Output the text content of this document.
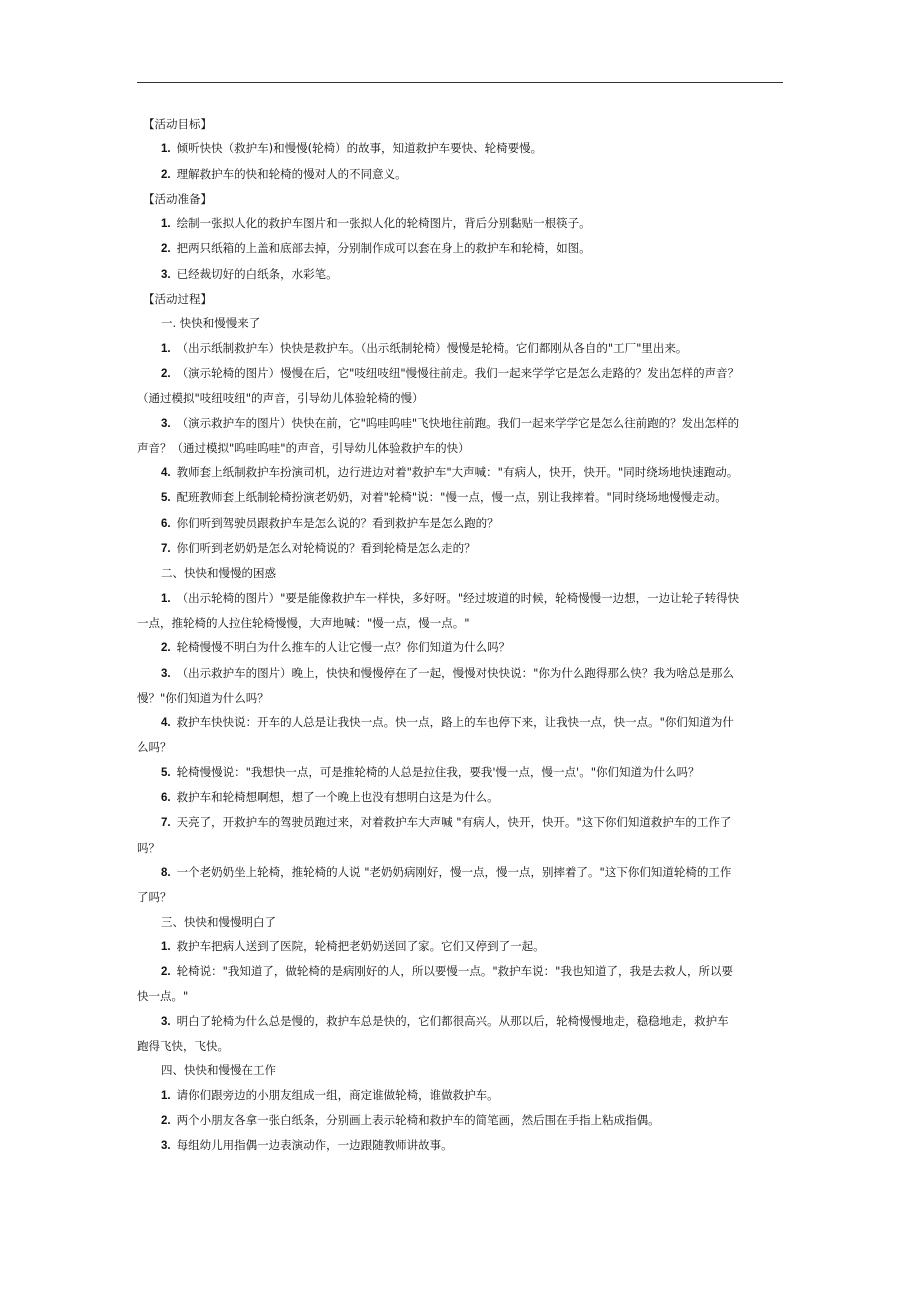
【活动目标】
1. 倾听快快（救护车)和慢慢(轮椅）的故事，知道救护车要快、轮椅要慢。
2. 理解救护车的快和轮椅的慢对人的不同意义。
【活动准备】
1. 绘制一张拟人化的救护车图片和一张拟人化的轮椅图片，背后分别黏贴一根筷子。
2. 把两只纸箱的上盖和底部去掉，分别制作成可以套在身上的救护车和轮椅，如图。
3. 已经裁切好的白纸条，水彩笔。
【活动过程】
一. 快快和慢慢来了
1. （出示纸制救护车）快快是救护车。（出示纸制轮椅）慢慢是轮椅。它们都刚从各自的"工厂"里出来。
2. （演示轮椅的图片）慢慢在后，它"吱纽吱纽"慢慢往前走。我们一起来学学它是怎么走路的？发出怎样的声音？
（通过模拟"吱纽吱纽"的声音，引导幼儿体验轮椅的慢）
3. （演示救护车的图片）快快在前，它"呜哇呜哇"飞快地往前跑。我们一起来学学它是怎么往前跑的？发出怎样的
声音？（通过模拟"呜哇呜哇"的声音，引导幼儿体验救护车的快）
4. 教师套上纸制救护车扮演司机，边行进边对着"救护车"大声喊："有病人，快开，快开。"同时绕场地快速跑动。
5. 配班教师套上纸制轮椅扮演老奶奶，对着"轮椅"说："慢一点，慢一点，别让我摔着。"同时绕场地慢慢走动。
6. 你们听到驾驶员跟救护车是怎么说的？看到救护车是怎么跑的？
7. 你们听到老奶奶是怎么对轮椅说的？看到轮椅是怎么走的？
二、快快和慢慢的困惑
1. （出示轮椅的图片）"要是能像救护车一样快，多好呀。"经过坡道的时候，轮椅慢慢一边想，一边让轮子转得快
一点，推轮椅的人拉住轮椅慢慢，大声地喊："慢一点，慢一点。"
2. 轮椅慢慢不明白为什么推车的人让它慢一点？你们知道为什么吗？
3. （出示救护车的图片）晚上，快快和慢慢停在了一起，慢慢对快快说："你为什么跑得那么快？我为啥总是那么
慢？"你们知道为什么吗？
4. 救护车快快说：开车的人总是让我快一点。快一点，路上的车也停下来，让我快一点，快一点。"你们知道为什
么吗？
5. 轮椅慢慢说："我想快一点，可是推轮椅的人总是拉住我，要我'慢一点，慢一点'。"你们知道为什么吗？
6. 救护车和轮椅想啊想，想了一个晚上也没有想明白这是为什么。
7. 天亮了，开救护车的驾驶员跑过来，对着救护车大声喊 "有病人，快开，快开。"这下你们知道救护车的工作了
吗？
8. 一个老奶奶坐上轮椅，推轮椅的人说 "老奶奶病刚好，慢一点，慢一点，别摔着了。"这下你们知道轮椅的工作
了吗？
三、快快和慢慢明白了
1. 救护车把病人送到了医院，轮椅把老奶奶送回了家。它们又停到了一起。
2. 轮椅说："我知道了，做轮椅的是病刚好的人，所以要慢一点。"救护车说："我也知道了，我是去救人，所以要
快一点。"
3. 明白了轮椅为什么总是慢的，救护车总是快的，它们都很高兴。从那以后，轮椅慢慢地走，稳稳地走，救护车
跑得飞快，飞快。
四、快快和慢慢在工作
1. 请你们跟旁边的小朋友组成一组，商定谁做轮椅，谁做救护车。
2. 两个小朋友各拿一张白纸条，分别画上表示轮椅和救护车的简笔画，然后围在手指上粘成指偶。
3. 每组幼儿用指偶一边表演动作，一边跟随教师讲故事。
